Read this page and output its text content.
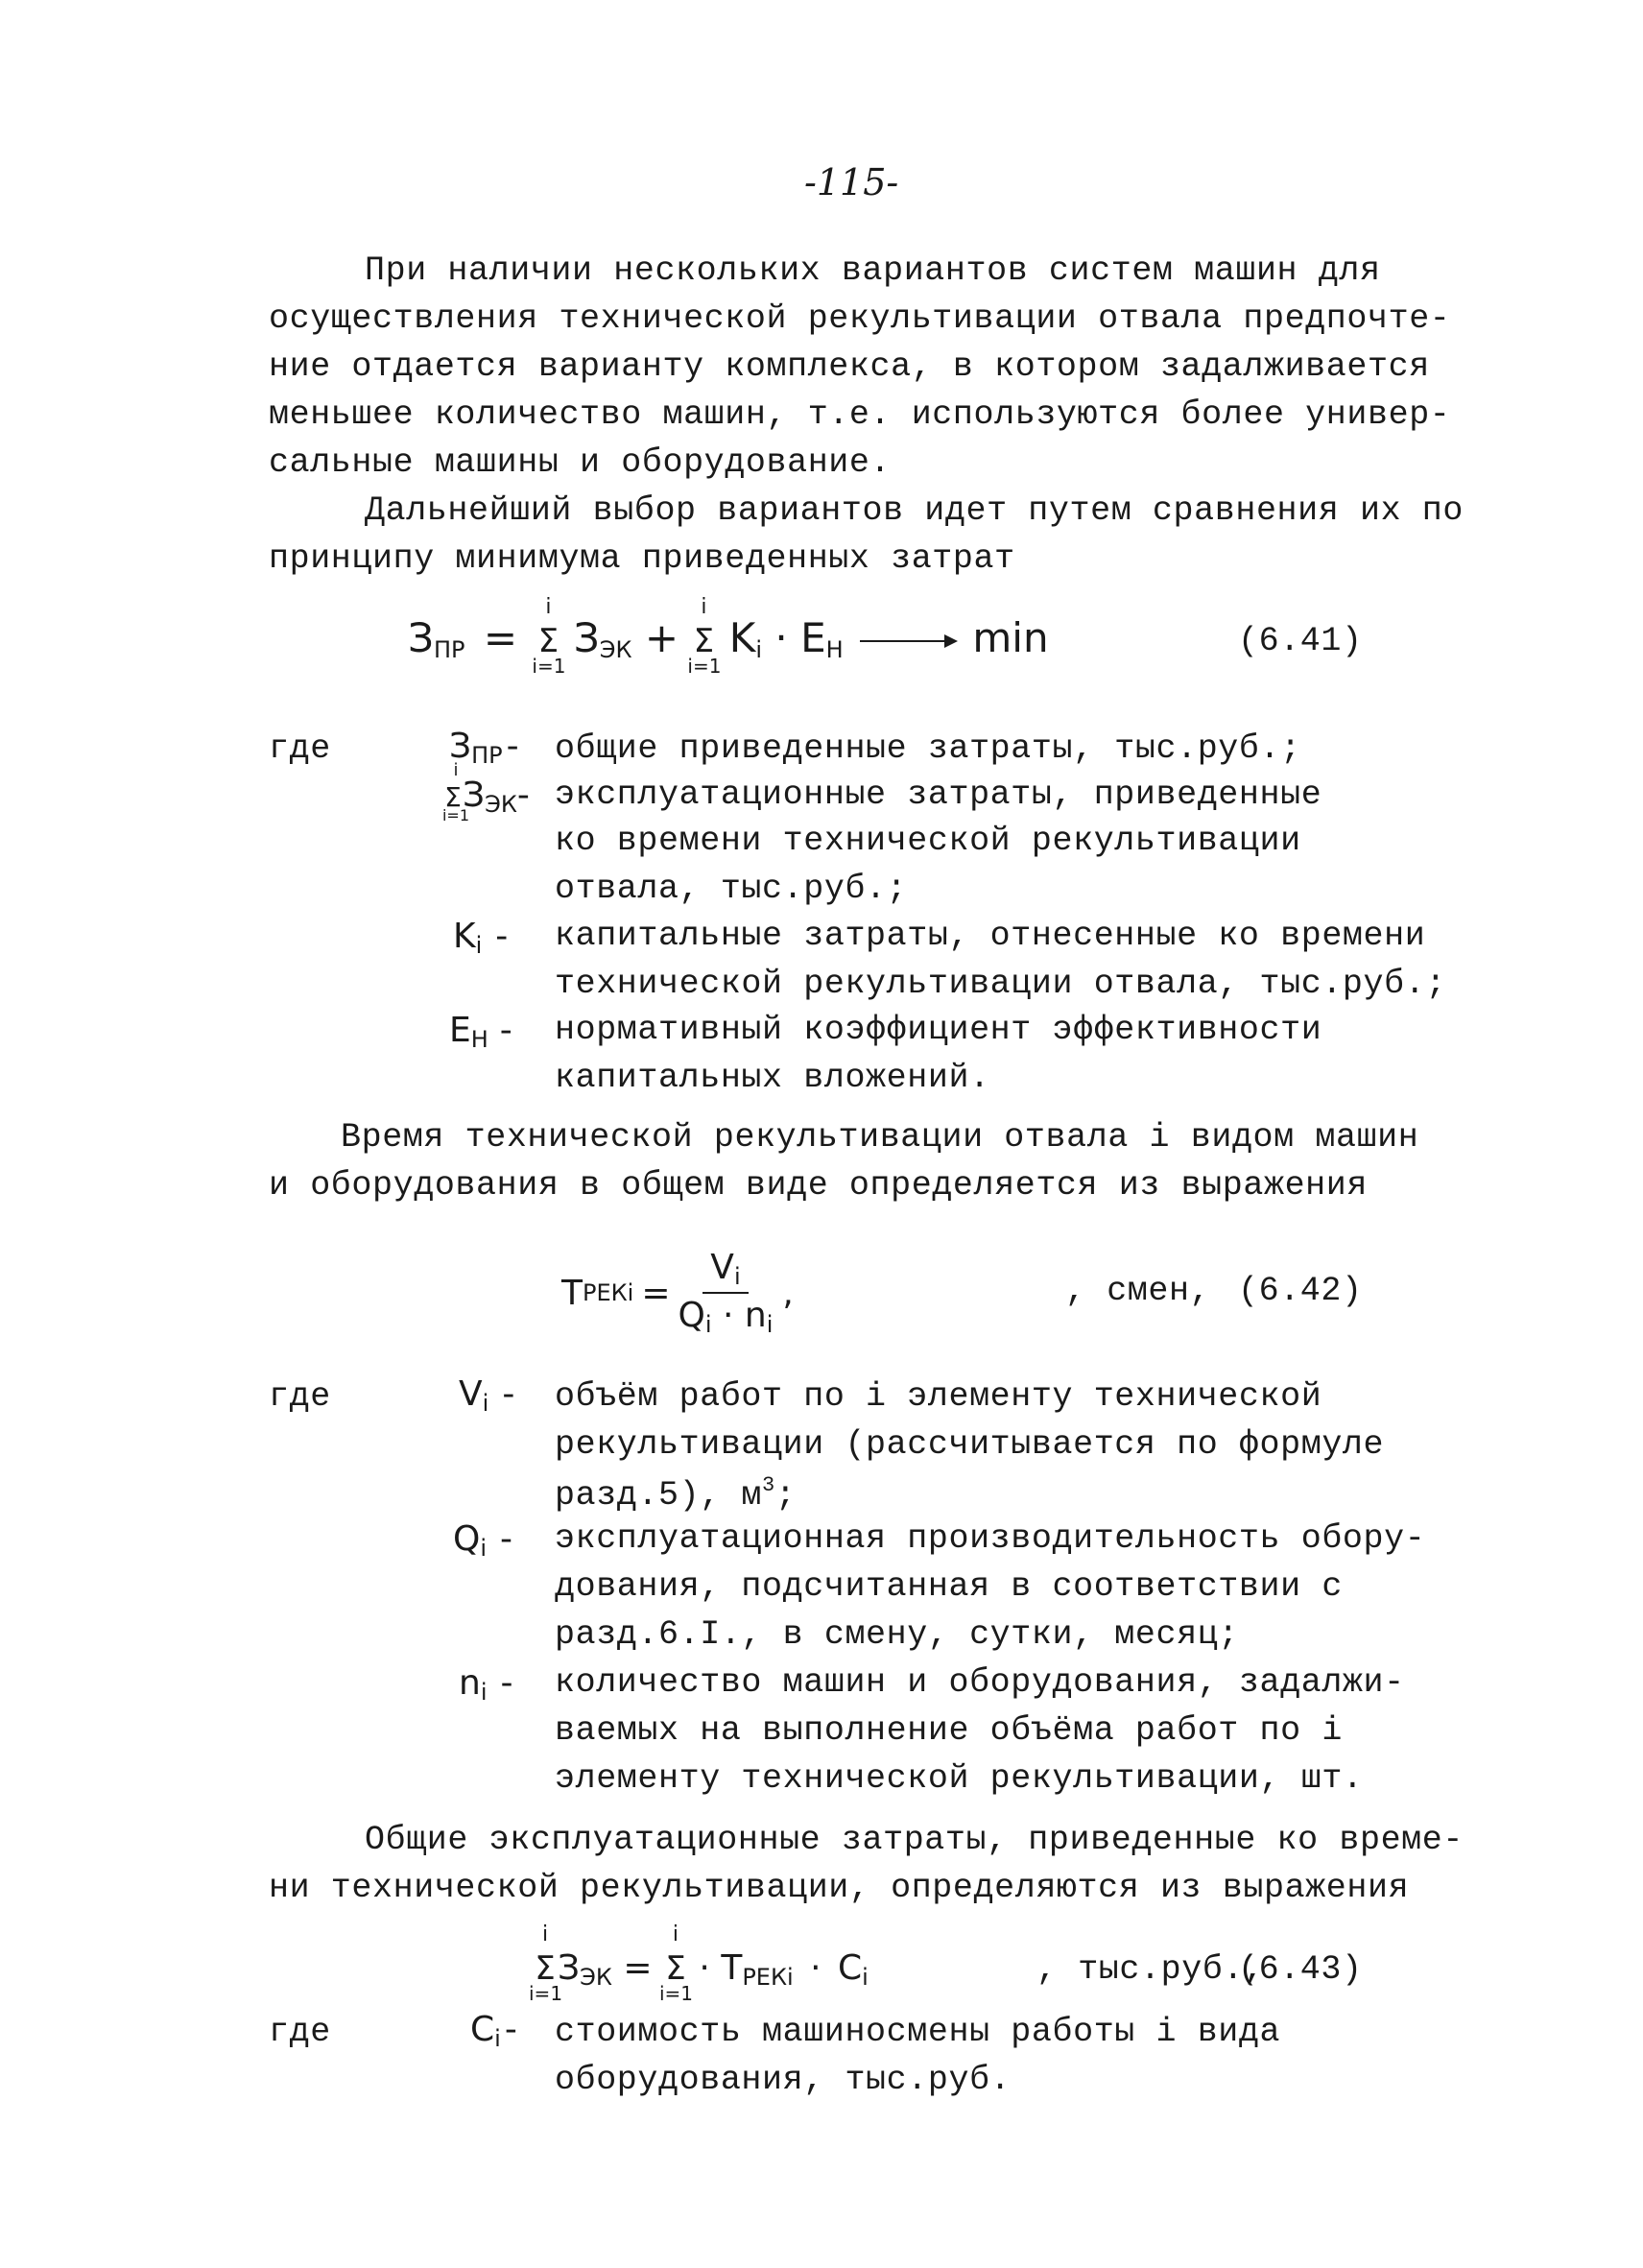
-115-
При наличии нескольких вариантов систем машин для
осуществления технической рекультивации отвала предпочте-
ние отдается варианту комплекса, в котором задалживается
меньшее количество машин, т.е. используются более универ-
сальные машины и оборудование.
Дальнейший выбор вариантов идет путем сравнения их по
принципу минимума приведенных затрат
$З_{ПР} = \Sigma$
i
i=1
$З_{ЭК} + \Sigma$
i
i=1
$K_i \cdot E_H$	min	(6.41)
где	$З_{ПР}$ - общие приведенные затраты, тыс.руб.;
Σ
i
i=1
$З_{ЭК}-$ эксплуатационные затраты, приведенные
ко времени технической рекультивации
отвала, тыс.руб.;
$K_i$ - капитальные затраты, отнесенные ко времени
технической рекультивации отвала, тыс.руб.;
$E_H$ - нормативный коэффициент эффективности
капитальных вложений.
Время технической рекультивации отвала i видом машин
и оборудования в общем виде определяется из выражения
T РЕКi = $\frac{V_i}{Q_i \cdot n_i}$ ,	, смен, (6.42)
где	$V_i$ - объём работ по i элементу технической
рекультивации (рассчитывается по формуле
разд.5), $м^3$;
$Q_i$ - эксплуатационная производительность обору-
дования, подсчитанная в соответствии с
разд.6.I., в смену, сутки, месяц;
$n_i$ - количество машин и оборудования, задалжи-
ваемых на выполнение объёма работ по i
элементу технической рекультивации, шт.
Общие эксплуатационные затраты, приведенные ко време-
ни технической рекультивации, определяются из выражения
Σ
i
i=1
$З_{ЭК} = \Sigma$
i
i=1
· $T_{РЕКi} \cdot C_i$	, тыс.руб.,
(6.43)
где	$C_i$ - стоимость машиносмены работы i вида
оборудования, тыс.руб.
